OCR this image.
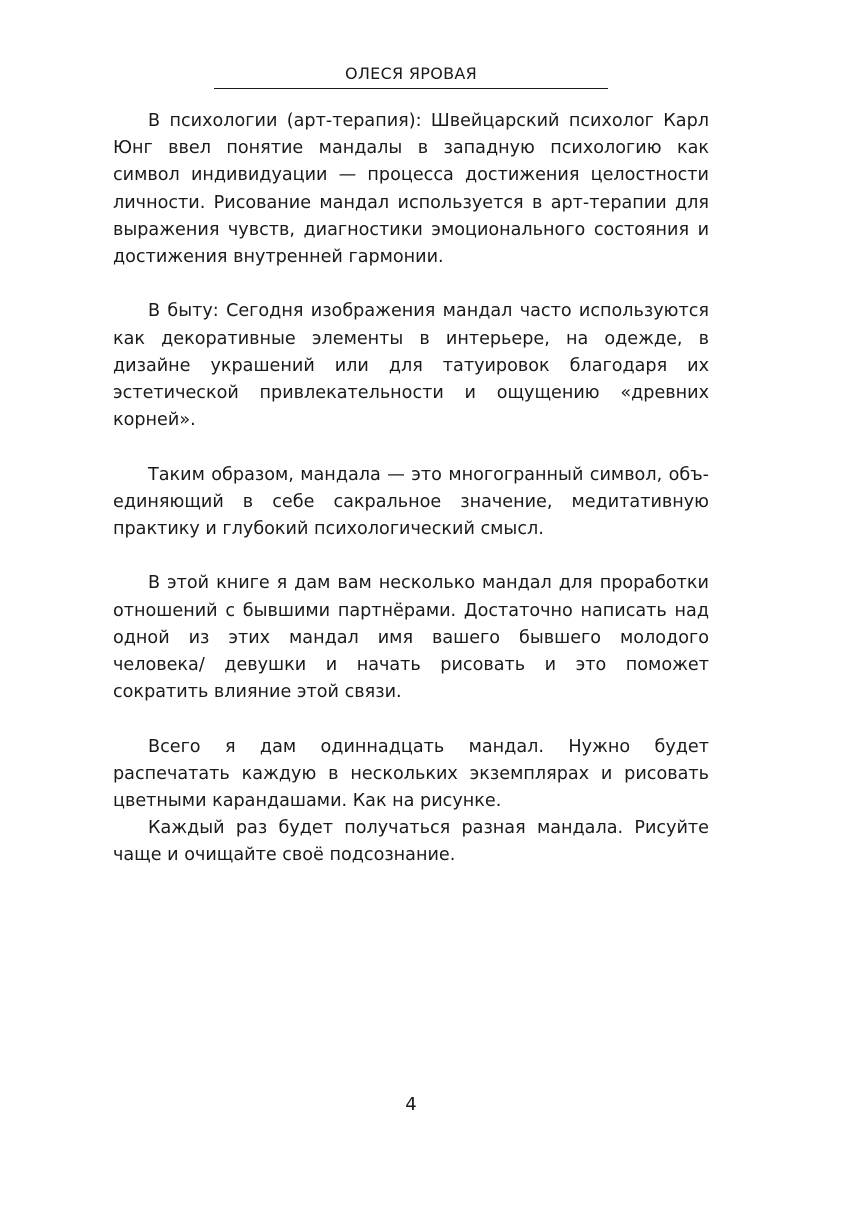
ОЛЕСЯ ЯРОВАЯ

В психологии (арт-терапия): Швейцарский психолог Карл Юнг ввел понятие мандалы в западную психологию как символ индивидуации — процесса достижения целостности личности. Рисование мандал используется в арт-терапии для выражения чувств, диагностики эмоционального состояния и достижения внутренней гармонии.

В быту: Сегодня изображения мандал часто используются как декоративные элементы в интерьере, на одежде, в дизайне украшений или для татуировок благодаря их эстетической привлекательности и ощущению «древних корней».

Таким образом, мандала — это многогранный символ, объединяющий в себе сакральное значение, медитативную практику и глубокий психологический смысл.

В этой книге я дам вам несколько мандал для проработки отношений с бывшими партнёрами. Достаточно написать над одной из этих мандал имя вашего бывшего молодого человека/ девушки и начать рисовать и это поможет сократить влияние этой связи.

Всего я дам одиннадцать мандал. Нужно будет распечатать каждую в нескольких экземплярах и рисовать цветными карандашами. Как на рисунке.

Каждый раз будет получаться разная мандала. Рисуйте чаще и очищайте своё подсознание.

4
